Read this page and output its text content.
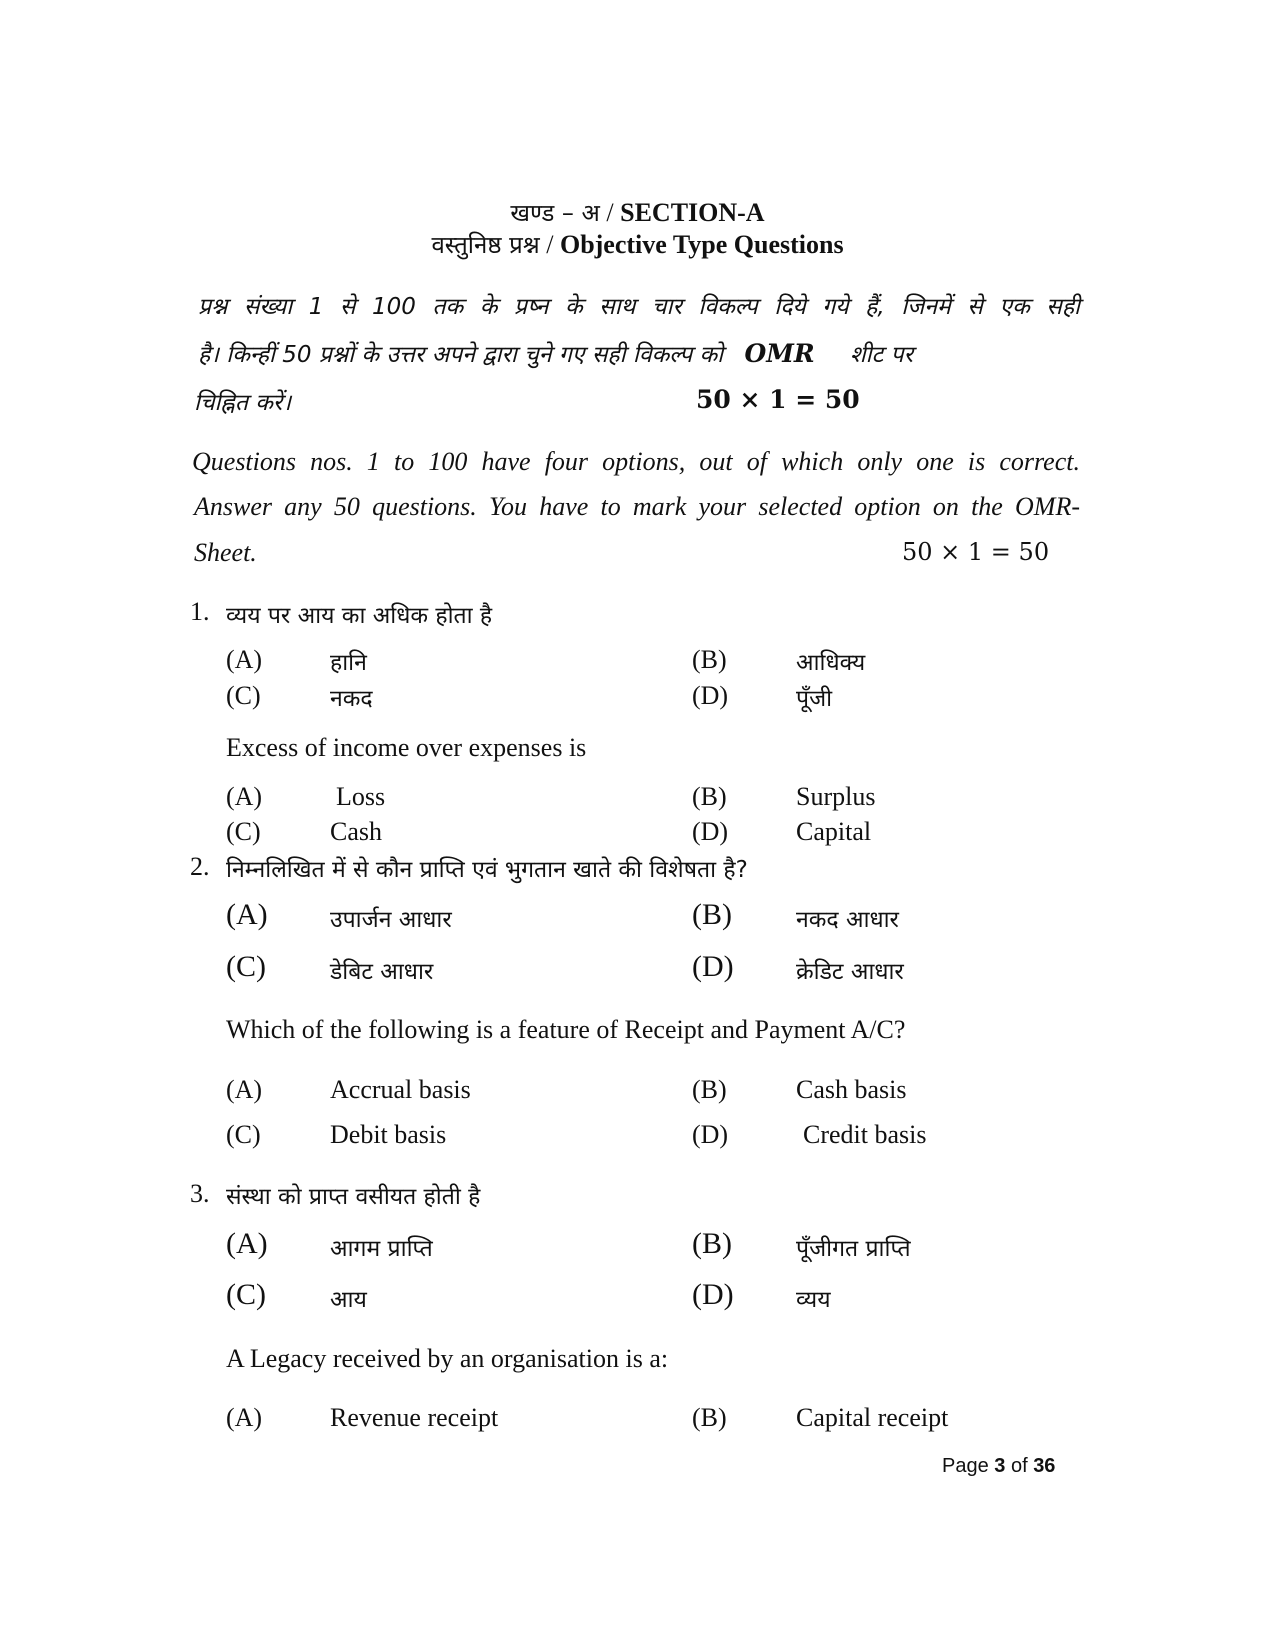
खण्ड – अ / SECTION-A
वस्तुनिष्ठ प्रश्न / Objective Type Questions
प्रश्न संख्या 1 से 100 तक के प्रष्न के साथ चार विकल्प दिये गये हैं, जिनमें से एक सही
है। किन्हीं 50 प्रश्नों के उत्तर अपने द्वारा चुने गए सही विकल्प को OMR शीट पर
चिह्नित करें।	50 × 1 = 50
Questions nos. 1 to 100 have four options, out of which only one is correct.
Answer any 50 questions. You have to mark your selected option on the OMR-
Sheet.	50 × 1 = 50
1. व्यय पर आय का अधिक होता है
(A)	हानि	(B)	आधिक्य
(C)	नकद	(D)	पूँजी
Excess of income over expenses is
(A)	Loss	(B)	Surplus
(C)	Cash	(D)	Capital
2. निम्नलिखित में से कौन प्राप्ति एवं भुगतान खाते की विशेषता है?
(A)	उपार्जन आधार	(B)	नकद आधार
(C)	डेबिट आधार	(D)	क्रेडिट आधार
Which of the following is a feature of Receipt and Payment A/C?
(A)	Accrual basis	(B)	Cash basis
(C)	Debit basis	(D)	Credit basis
3. संस्था को प्राप्त वसीयत होती है
(A)	आगम प्राप्ति	(B)	पूँजीगत प्राप्ति
(C)	आय	(D)	व्यय
A Legacy received by an organisation is a:
(A)	Revenue receipt	(B)	Capital receipt
Page 3 of 36
